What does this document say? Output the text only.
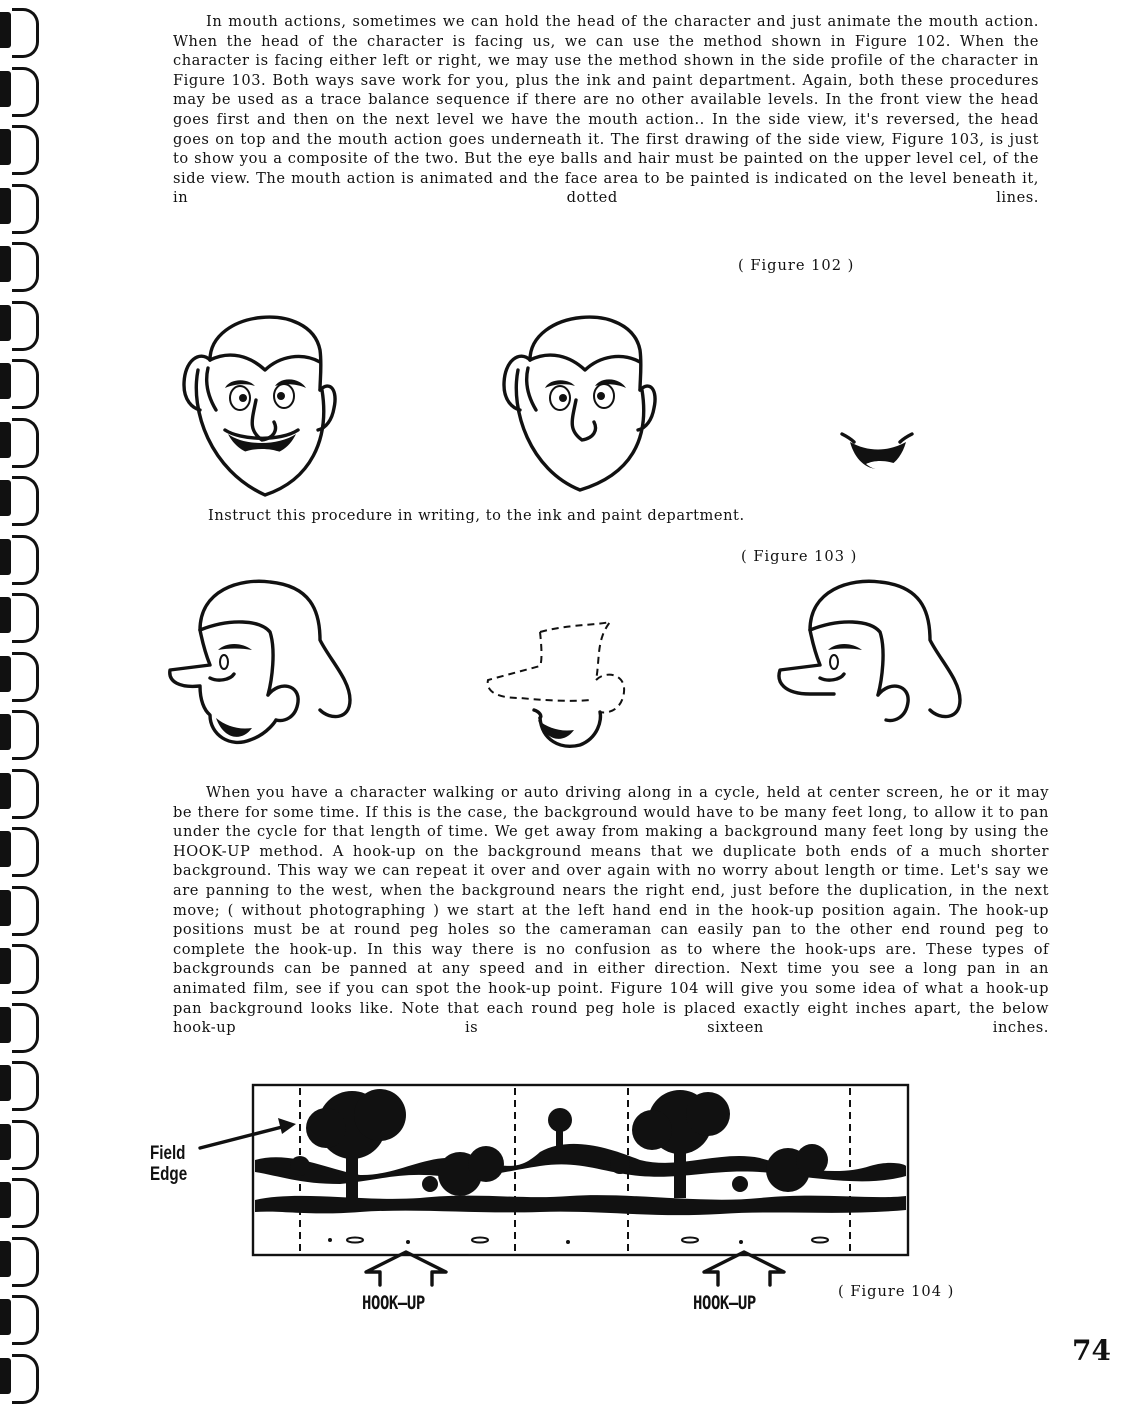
In mouth actions, sometimes we can hold the head of the character and just animate the mouth action. When the head of the character is facing us, we can use the method shown in Figure 102. When the character is facing either left or right, we may use the method shown in the side profile of the character in Figure 103. Both ways save work for you, plus the ink and paint department. Again, both these procedures may be used as a trace balance sequence if there are no other available levels. In the front view the head goes first and then on the next level we have the mouth action.. In the side view, it's reversed, the head goes on top and the mouth action goes underneath it. The first drawing of the side view, Figure 103, is just to show you a composite of the two. But the eye balls and hair must be painted on the upper level cel, of the side view. The mouth action is animated and the face area to be painted is indicated on the level beneath it, in dotted lines.

( Figure 102 )
Instruct this procedure in writing, to the ink and paint department.
( Figure 103 )

When you have a character walking or auto driving along in a cycle, held at center screen, he or it may be there for some time. If this is the case, the background would have to be many feet long, to allow it to pan under the cycle for that length of time. We get away from making a background many feet long by using the HOOK-UP method. A hook-up on the background means that we duplicate both ends of a much shorter background. This way we can repeat it over and over again with no worry about length or time. Let's say we are panning to the west, when the background nears the right end, just before the duplication, in the next move; ( without photographing ) we start at the left hand end in the hook-up position again. The hook-up positions must be at round peg holes so the cameraman can easily pan to the other end round peg to complete the hook-up. In this way there is no confusion as to where the hook-ups are. These types of backgrounds can be panned at any speed and in either direction. Next time you see a long pan in an animated film, see if you can spot the hook-up point. Figure 104 will give you some idea of what a hook-up pan background looks like. Note that each round peg hole is placed exactly eight inches apart, the below hook-up is sixteen inches.

Field
Edge
HOOK—UP	HOOK—UP
( Figure 104 )
74
